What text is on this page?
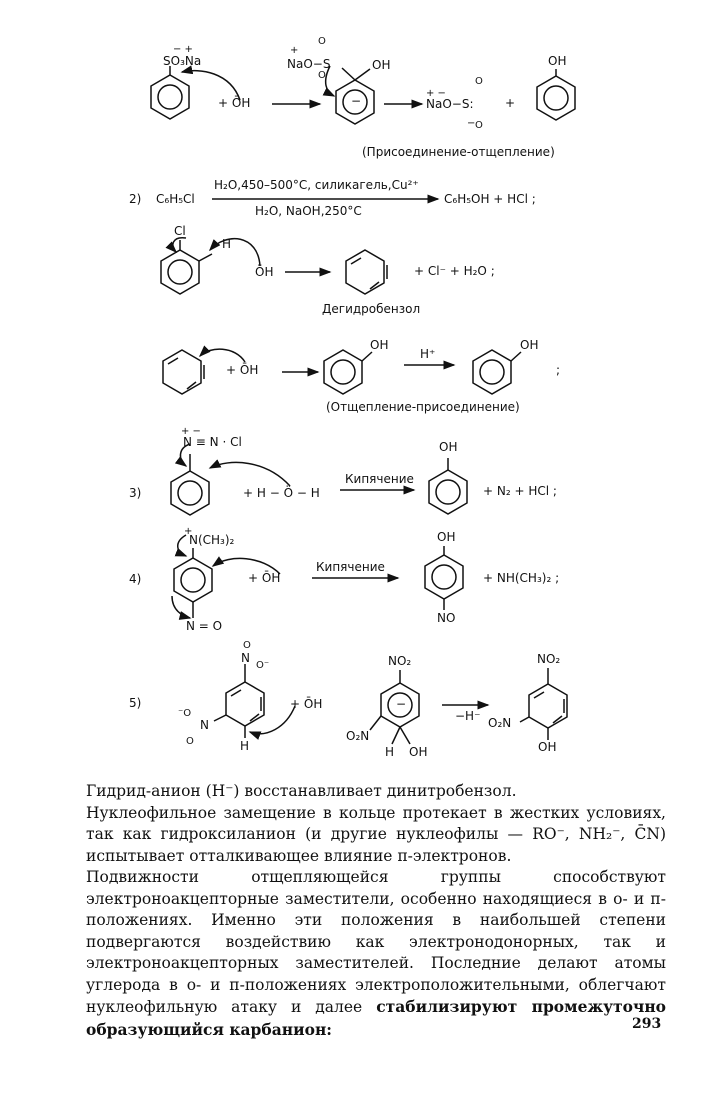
− +
SO₃Na
+ ŌH
+
O
NaO−S
O
OH
−
O
+ −
NaO−S:
− O
+
OH
(Присоединение-отщепление)
2) C₆H₅Cl
H₂O,450–500°C, силикагель,Cu²⁺
H₂O, NaOH,250°C
C₆H₅OH + HCl ;
Cl
H
ŌH	+ Cl⁻ + H₂O ;
Дегидробензол
+ ŌH
OH
H⁺
OH
;
(Отщепление-присоединение)
3)
+ −
N ≡ N · Cl
+ H − Ö − H
Кипячение
OH
+ N₂ + HCl ;
4)
+
N(CH₃)₂
N = O
+ ŌH
Кипячение
OH
NO
+ NH(CH₃)₂ ;
5)
O
N
O⁻
⁻O
N
O	H
+ ŌH
NO₂
−
O₂N
H OH
−H⁻
NO₂
O₂N
OH

Гидрид-анион (H⁻) восстанавливает динитробензол.

Нуклеофильное замещение в кольце протекает в жестких условиях, так как гидроксиланион (и другие нуклеофилы — RO⁻, NH₂⁻, C̄N) испытывает отталкивающее влияние π-электронов.

Подвижности отщепляющейся группы способствуют электроноакцепторные заместители, особенно находящиеся в о- и п-положениях. Именно эти положения в наибольшей степени подвергаются воздействию как электронодонорных, так и электроноакцепторных заместителей. Последние делают атомы углерода в о- и п-положениях электроположительными, облегчают нуклеофильную атаку и далее стабилизируют промежуточно образующийся карбанион:	293
